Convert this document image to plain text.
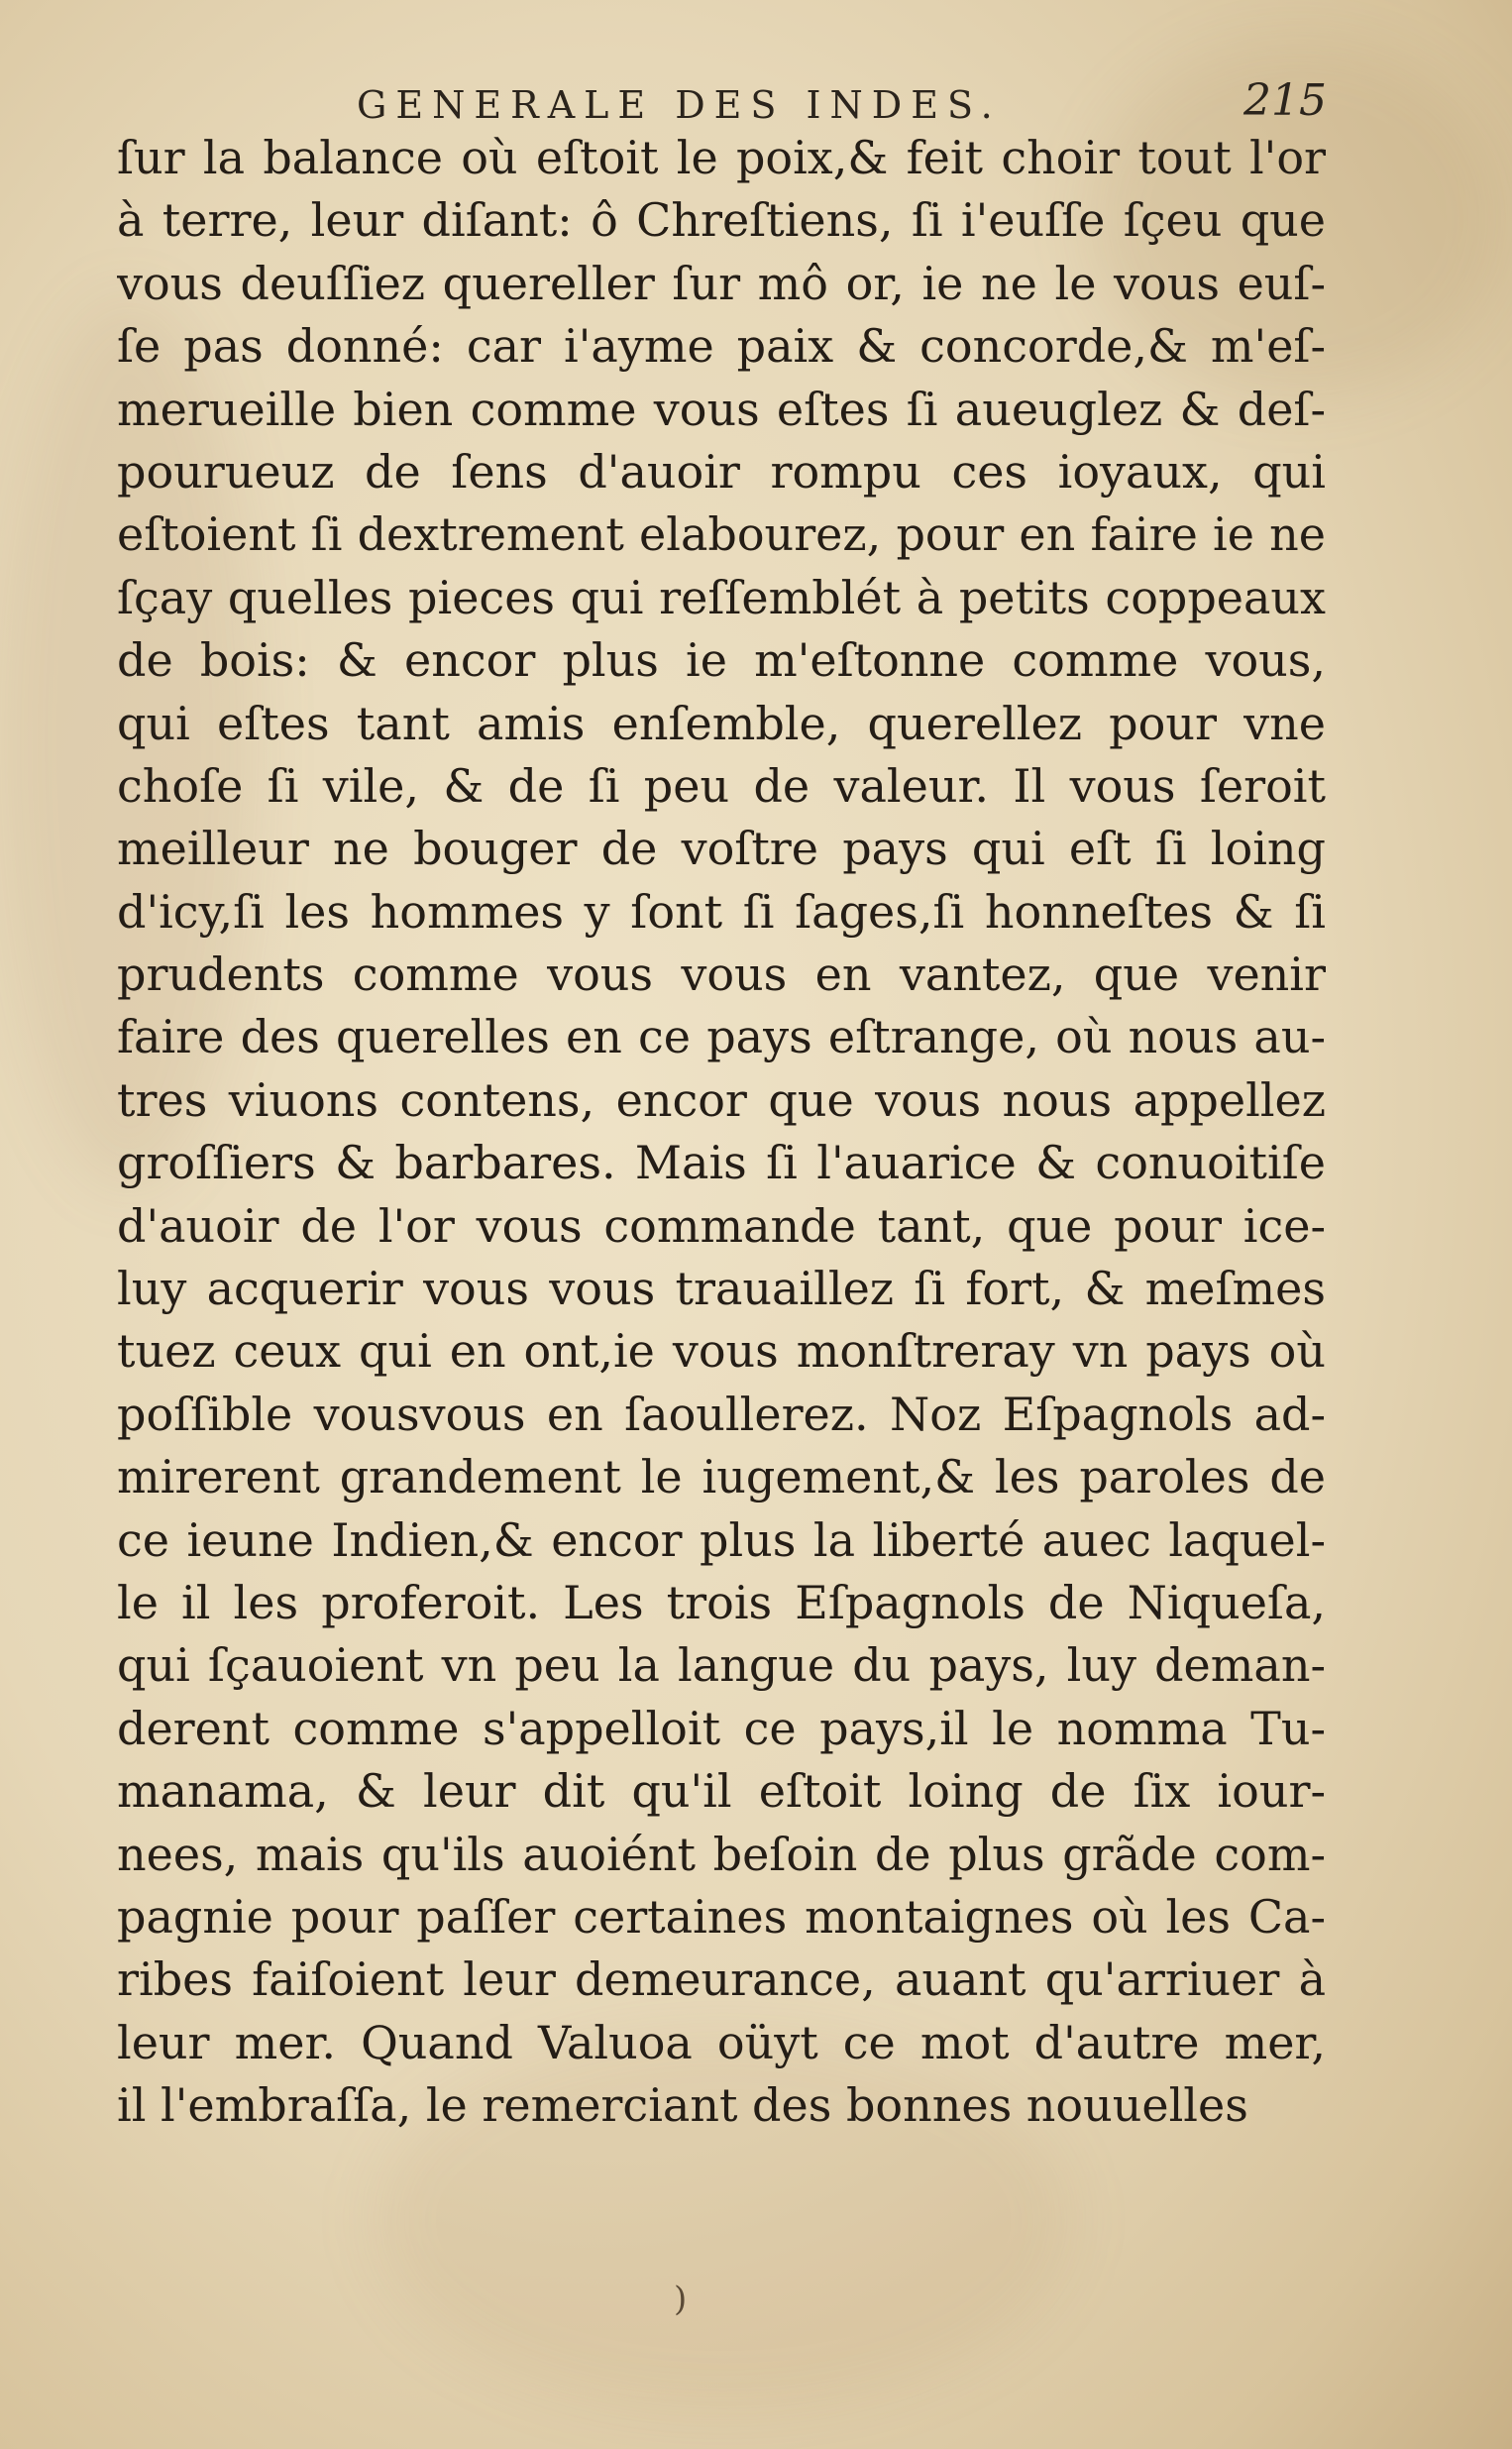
GENERALE DES INDES.	215
ſur la balance où eſtoit le poix,& feit choir tout l'or
à terre, leur diſant: ô Chreſtiens, ſi i'euſſe ſçeu que
vous deuſſiez quereller ſur mô or, ie ne le vous euſ-
ſe pas donné: car i'ayme paix & concorde,& m'eſ-
merueille bien comme vous eſtes ſi aueuglez & deſ-
pourueuz de ſens d'auoir rompu ces ioyaux, qui
eſtoient ſi dextrement elabourez, pour en faire ie ne
ſçay quelles pieces qui reſſemblét à petits coppeaux
de bois: & encor plus ie m'eſtonne comme vous,
qui eſtes tant amis enſemble, querellez pour vne
choſe ſi vile, & de ſi peu de valeur. Il vous ſeroit
meilleur ne bouger de voſtre pays qui eſt ſi loing
d'icy,ſi les hommes y ſont ſi ſages,ſi honneſtes & ſi
prudents comme vous vous en vantez, que venir
faire des querelles en ce pays eſtrange, où nous au-
tres viuons contens, encor que vous nous appellez
groſſiers & barbares. Mais ſi l'auarice & conuoitiſe
d'auoir de l'or vous commande tant, que pour ice-
luy acquerir vous vous trauaillez ſi fort, & meſmes
tuez ceux qui en ont,ie vous monſtreray vn pays où
poſſible vousvous en ſaoullerez. Noz Eſpagnols ad-
mirerent grandement le iugement,& les paroles de
ce ieune Indien,& encor plus la liberté auec laquel-
le il les proferoit. Les trois Eſpagnols de Niqueſa,
qui ſçauoient vn peu la langue du pays, luy deman-
derent comme s'appelloit ce pays,il le nomma Tu-
manama, & leur dit qu'il eſtoit loing de ſix iour-
nees, mais qu'ils auoiént beſoin de plus grãde com-
pagnie pour paſſer certaines montaignes où les Ca-
ribes faiſoient leur demeurance, auant qu'arriuer à
leur mer. Quand Valuoa oüyt ce mot d'autre mer,
il l'embraſſa, le remerciant des bonnes nouuelles
)
